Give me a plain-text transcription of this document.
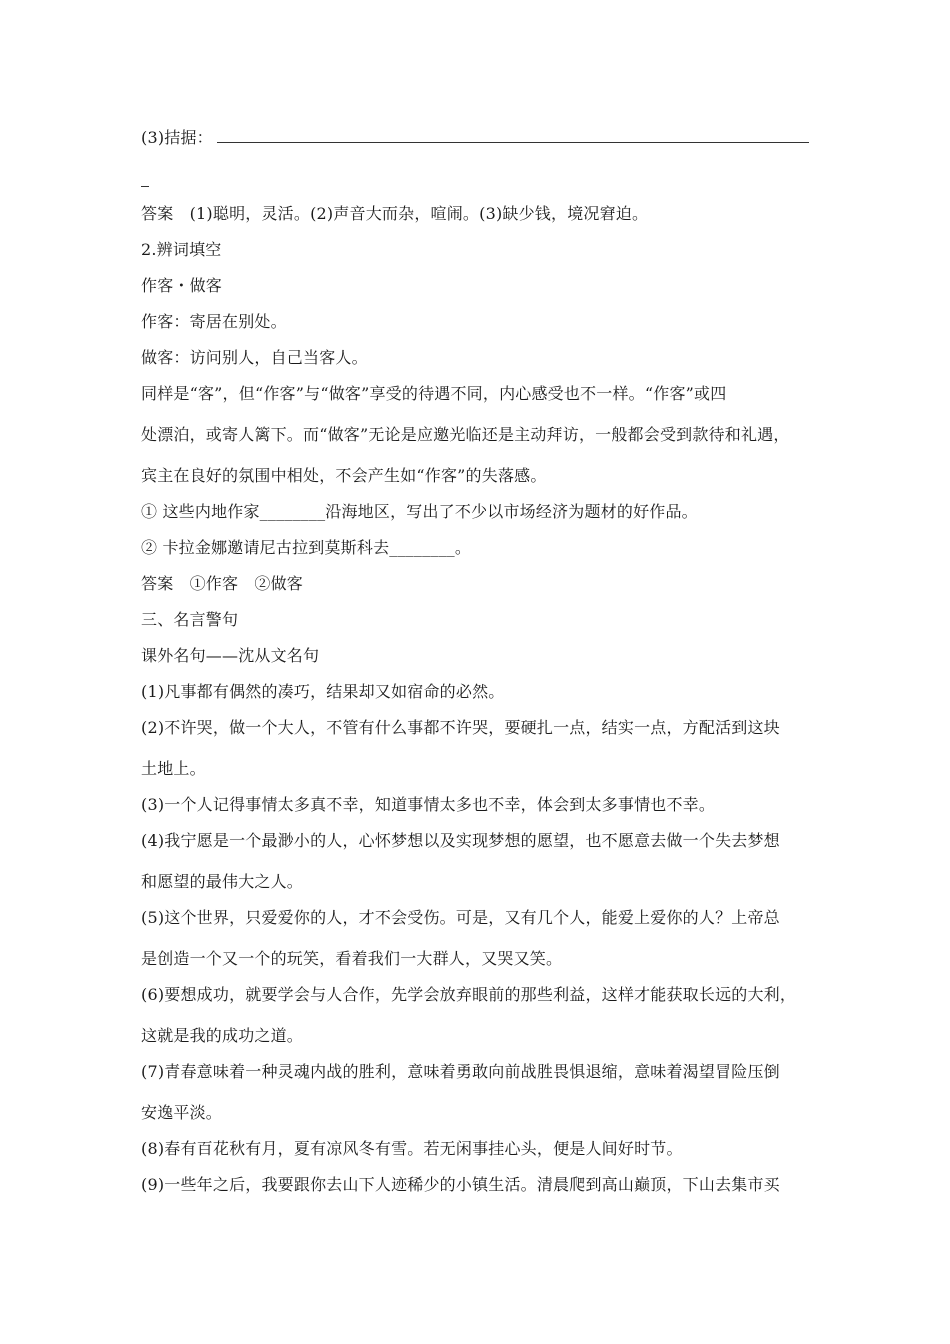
(3)拮据：

答案　(1)聪明，灵活。(2)声音大而杂，喧闹。(3)缺少钱，境况窘迫。

2.辨词填空

作客・做客

作客：寄居在别处。

做客：访问别人，自己当客人。

同样是“客”，但“作客”与“做客”享受的待遇不同，内心感受也不一样。“作客”或四

处漂泊，或寄人篱下。而“做客”无论是应邀光临还是主动拜访，一般都会受到款待和礼遇，

宾主在良好的氛围中相处，不会产生如“作客”的失落感。

① 这些内地作家________沿海地区，写出了不少以市场经济为题材的好作品。

② 卡拉金娜邀请尼古拉到莫斯科去________。

答案　①作客　②做客

三、名言警句

课外名句——沈从文名句

(1)凡事都有偶然的凑巧，结果却又如宿命的必然。

(2)不许哭，做一个大人，不管有什么事都不许哭，要硬扎一点，结实一点，方配活到这块

土地上。

(3)一个人记得事情太多真不幸，知道事情太多也不幸，体会到太多事情也不幸。

(4)我宁愿是一个最渺小的人，心怀梦想以及实现梦想的愿望，也不愿意去做一个失去梦想

和愿望的最伟大之人。

(5)这个世界，只爱爱你的人，才不会受伤。可是，又有几个人，能爱上爱你的人？上帝总

是创造一个又一个的玩笑，看着我们一大群人，又哭又笑。

(6)要想成功，就要学会与人合作，先学会放弃眼前的那些利益，这样才能获取长远的大利，

这就是我的成功之道。

(7)青春意味着一种灵魂内战的胜利，意味着勇敢向前战胜畏惧退缩，意味着渴望冒险压倒

安逸平淡。

(8)春有百花秋有月，夏有凉风冬有雪。若无闲事挂心头，便是人间好时节。

(9)一些年之后，我要跟你去山下人迹稀少的小镇生活。清晨爬到高山巅顶，下山去集市买
